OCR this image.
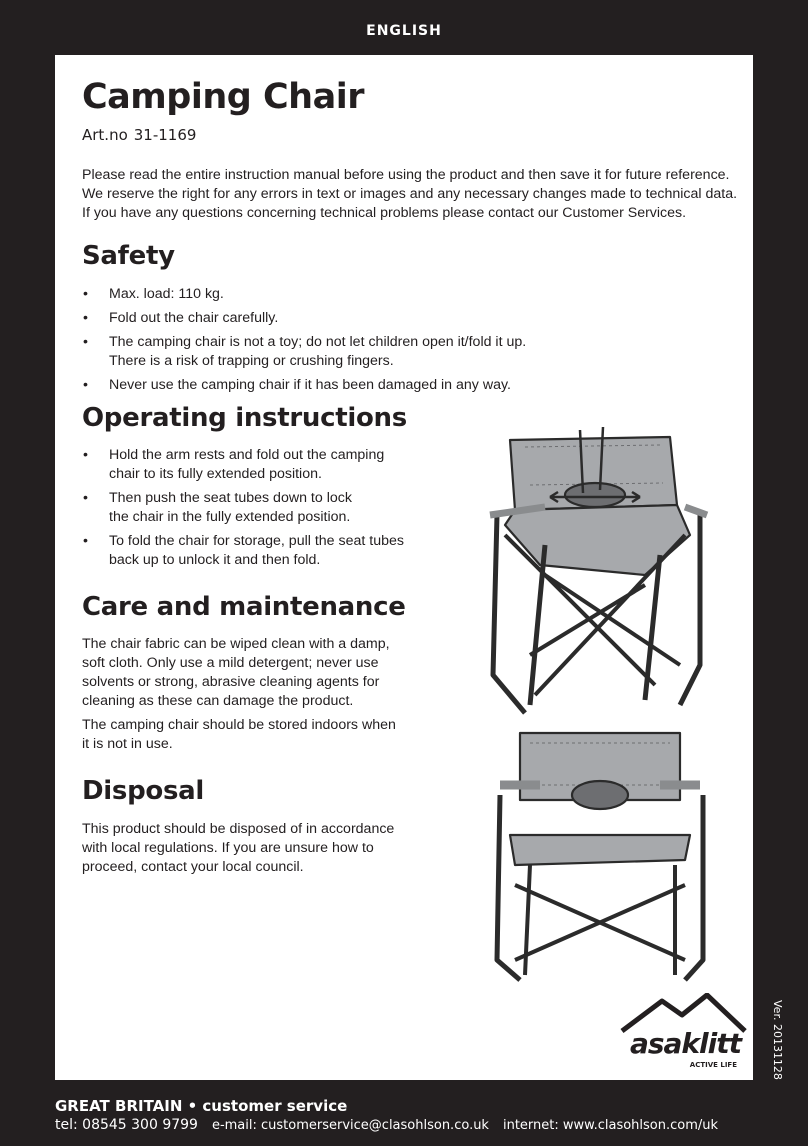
ENGLISH
Camping Chair
Art.no 31-1169

Please read the entire instruction manual before using the product and then save it for future reference.

We reserve the right for any errors in text or images and any necessary changes made to technical data.

If you have any questions concerning technical problems please contact our Customer Services.

Safety
• Max. load: 110 kg.
• Fold out the chair carefully.
• The camping chair is not a toy; do not let children open it/fold it up.
There is a risk of trapping or crushing fingers.
• Never use the camping chair if it has been damaged in any way.
Operating instructions
• Hold the arm rests and fold out the camping
chair to its fully extended position.
• Then push the seat tubes down to lock
the chair in the fully extended position.
• To fold the chair for storage, pull the seat tubes
back up to unlock it and then fold.
Care and maintenance

The chair fabric can be wiped clean with a damp,
soft cloth. Only use a mild detergent; never use
solvents or strong, abrasive cleaning agents for
cleaning as these can damage the product.

The camping chair should be stored indoors when
it is not in use.

Disposal

This product should be disposed of in accordance
with local regulations. If you are unsure how to
proceed, contact your local council.

asaklitt
ACTIVE LIFE	Ver. 20131128
GREAT BRITAIN • customer service
tel: 08545 300 9799 e-mail: customerservice@clasohlson.co.uk internet: www.clasohlson.com/uk
